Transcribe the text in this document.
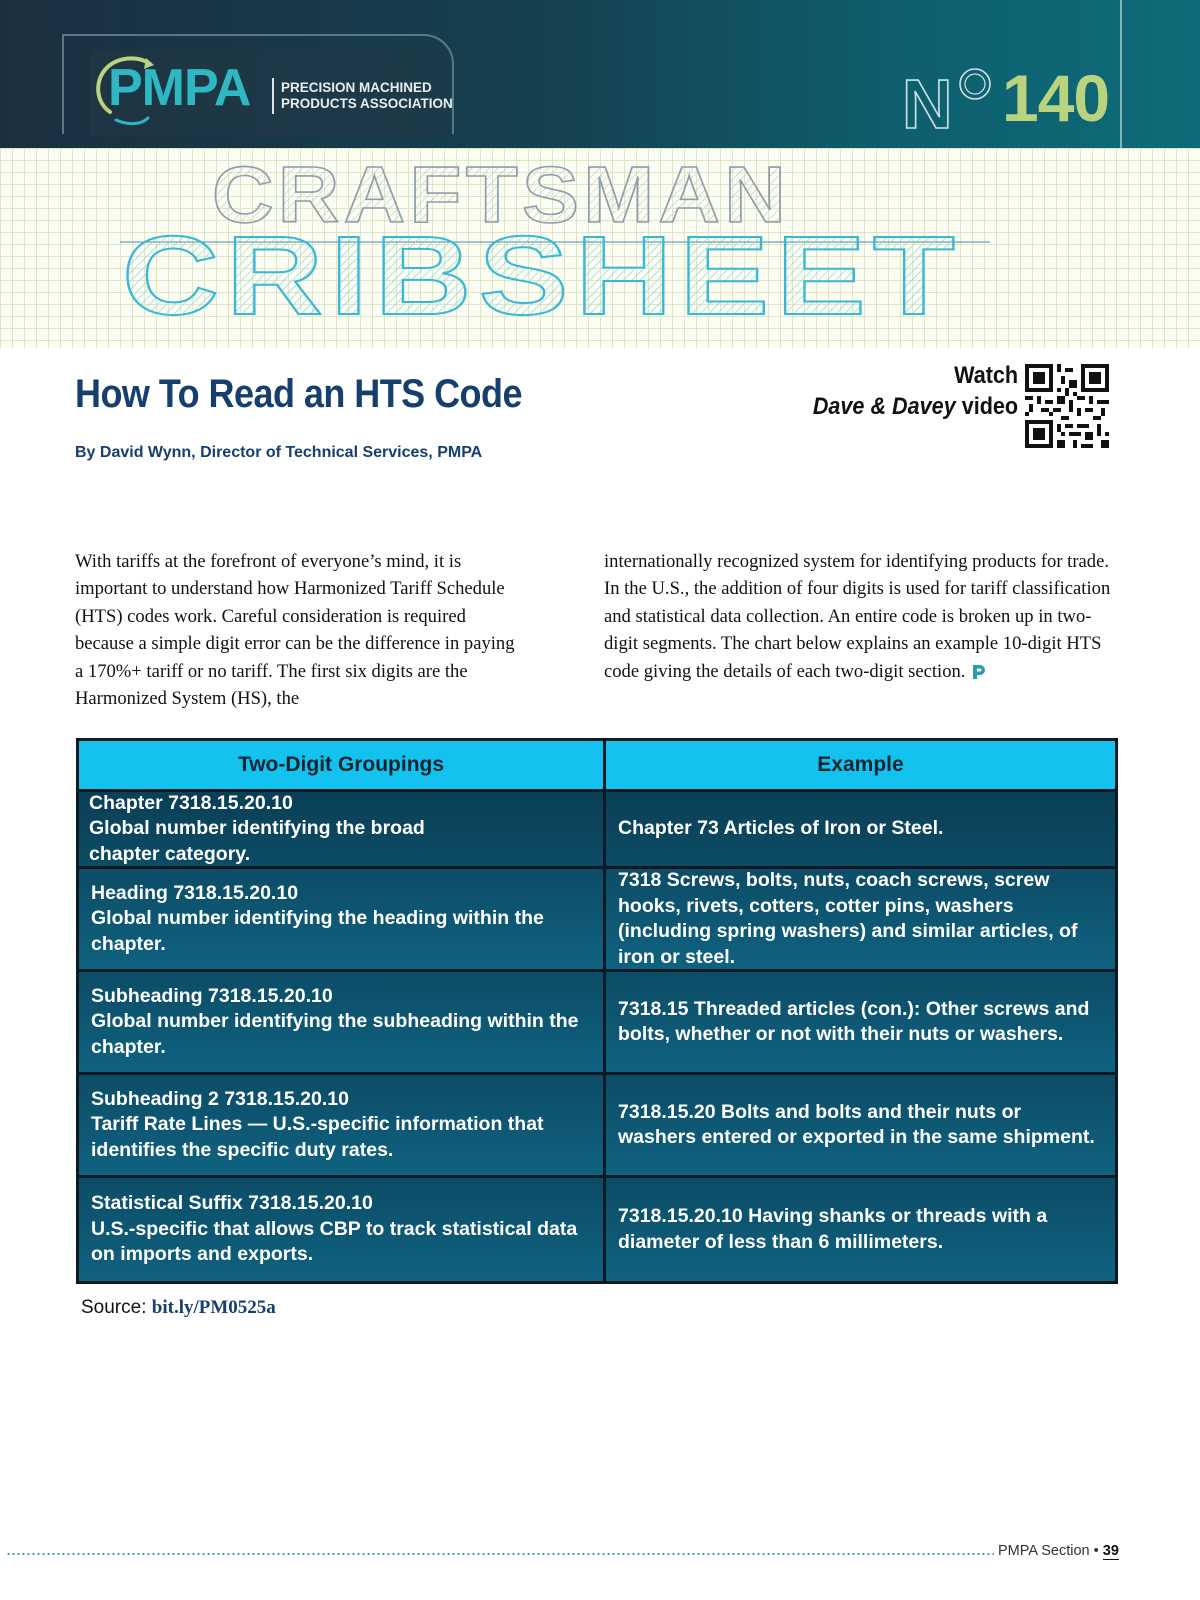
PMPA PRECISION MACHINED
PRODUCTS ASSOCIATION	N 140
CRAFTSMAN
CRIBSHEET
How To Read an HTS Code
By David Wynn, Director of Technical Services, PMPA
Watch
Dave & Davey video
With tariffs at the forefront of everyone’s mind, it is important to understand how Harmonized Tariff Schedule (HTS) codes work. Careful consideration is required because a simple digit error can be the difference in paying a 170%+ tariff or no tariff. The first six digits are the Harmonized System (HS), the
internationally recognized system for identifying products for trade. In the U.S., the addition of four digits is used for tariff classification and statistical data collection. An entire code is broken up in two-digit segments. The chart below explains an example 10-digit HTS code giving the details of each two-digit section.
Two-Digit Groupings	Example
Chapter 7318.15.20.10
Global number identifying the broad
chapter category.
Chapter 73 Articles of Iron or Steel.
Heading 7318.15.20.10
Global number identifying the heading within the
chapter.
7318 Screws, bolts, nuts, coach screws, screw
hooks, rivets, cotters, cotter pins, washers
(including spring washers) and similar articles, of
iron or steel.
Subheading 7318.15.20.10
Global number identifying the subheading within the
chapter.
7318.15 Threaded articles (con.): Other screws and
bolts, whether or not with their nuts or washers.
Subheading 2 7318.15.20.10
Tariff Rate Lines — U.S.-specific information that
identifies the specific duty rates.
7318.15.20 Bolts and bolts and their nuts or
washers entered or exported in the same shipment.
Statistical Suffix 7318.15.20.10
U.S.-specific that allows CBP to track statistical data
on imports and exports.
7318.15.20.10 Having shanks or threads with a
diameter of less than 6 millimeters.
Source: bit.ly/PM0525a
PMPA Section • 39
